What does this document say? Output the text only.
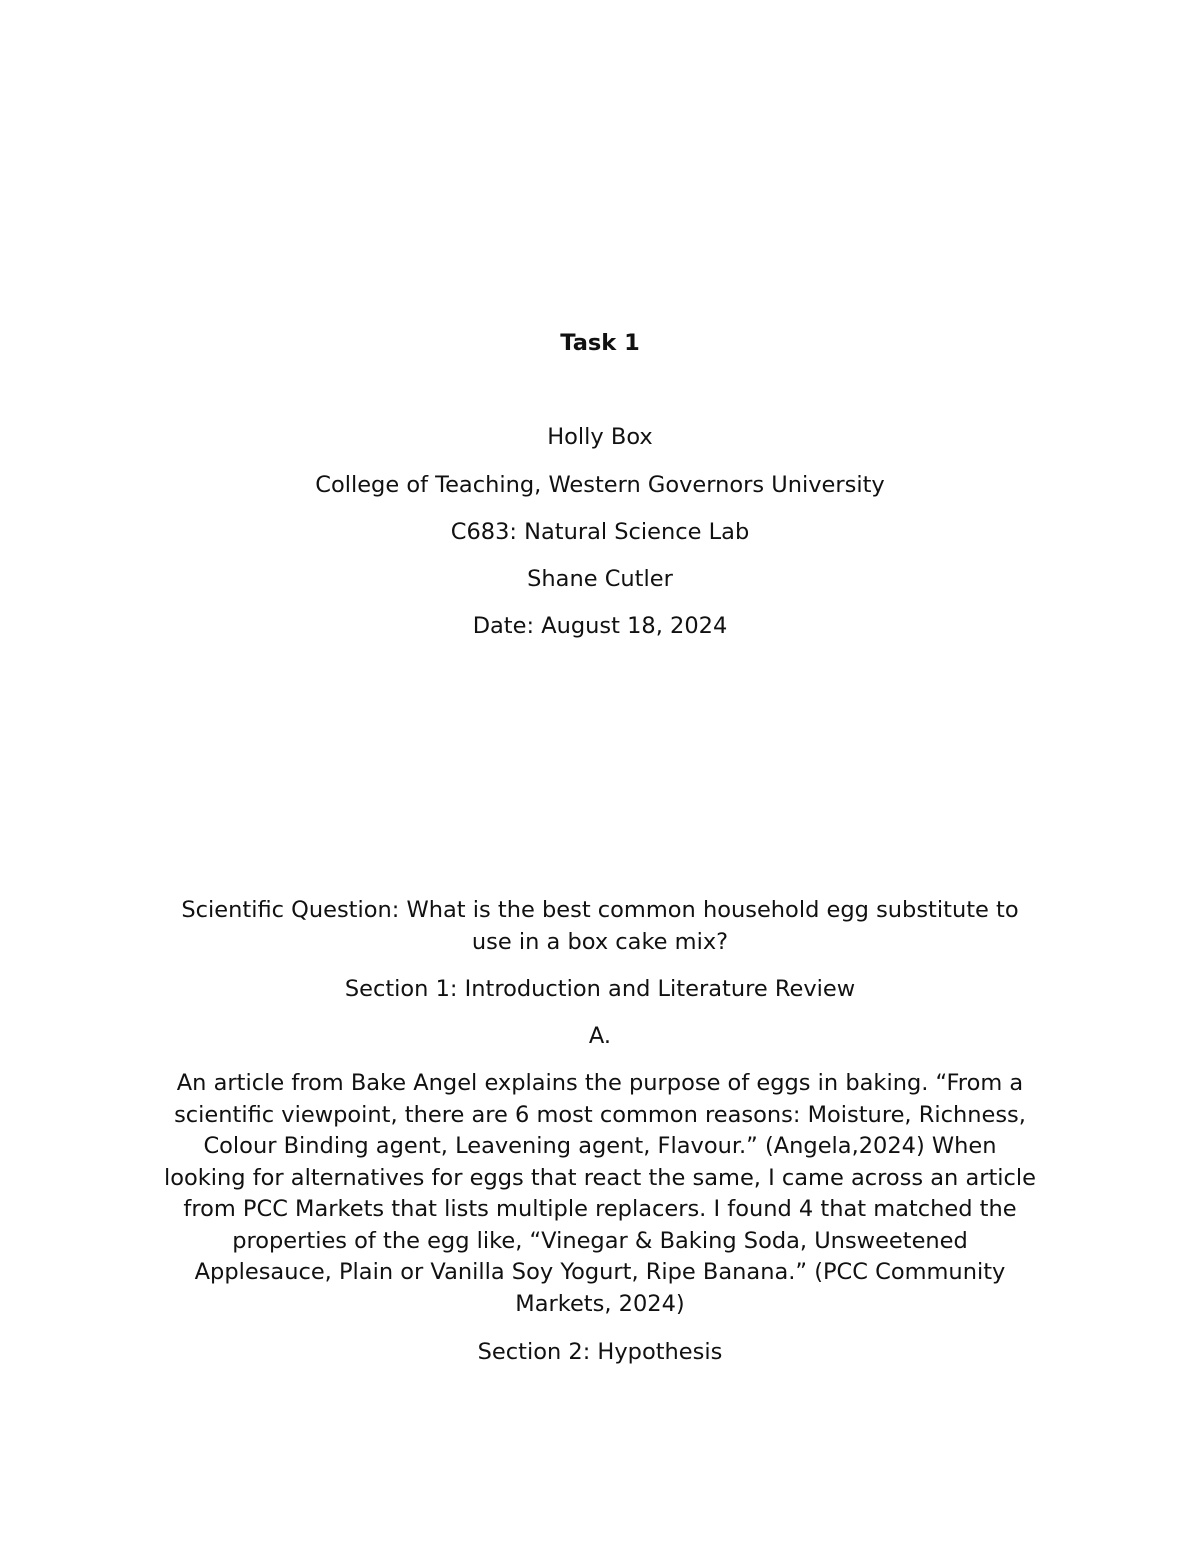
Task 1

Holly Box

College of Teaching, Western Governors University

C683: Natural Science Lab

Shane Cutler

Date: August 18, 2024

Scientific Question: What is the best common household egg substitute to
use in a box cake mix?

Section 1: Introduction and Literature Review

A.

An article from Bake Angel explains the purpose of eggs in baking. “From a
scientific viewpoint, there are 6 most common reasons: Moisture, Richness,
Colour Binding agent, Leavening agent, Flavour.” (Angela,2024) When
looking for alternatives for eggs that react the same, I came across an article
from PCC Markets that lists multiple replacers. I found 4 that matched the
properties of the egg like, “Vinegar & Baking Soda, Unsweetened
Applesauce, Plain or Vanilla Soy Yogurt, Ripe Banana.” (PCC Community
Markets, 2024)

Section 2: Hypothesis
